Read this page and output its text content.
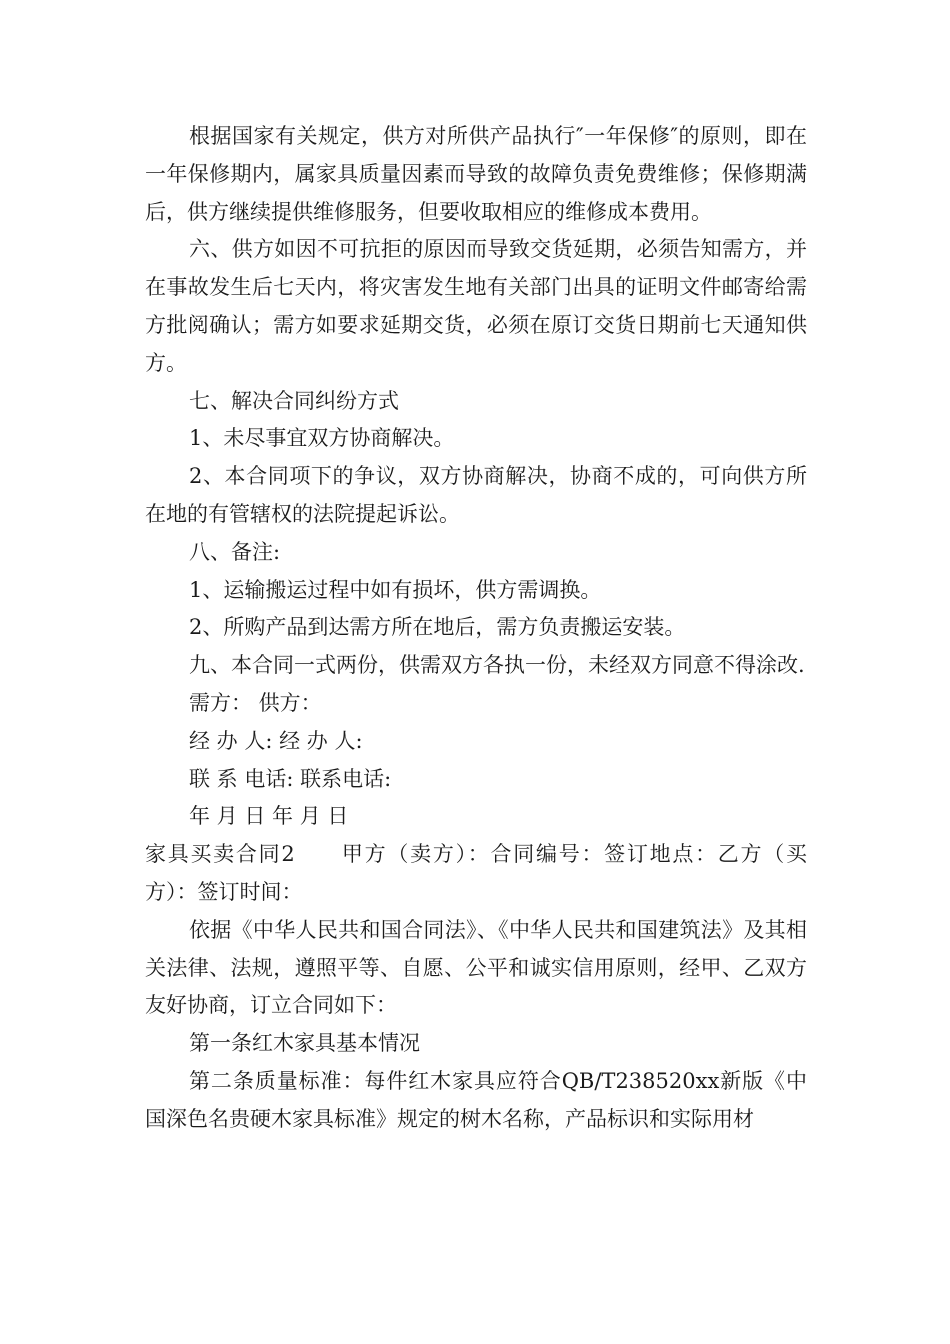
根据国家有关规定，供方对所供产品执行″一年保修″的原则，即在一年保修期内，属家具质量因素而导致的故障负责免费维修；保修期满后，供方继续提供维修服务，但要收取相应的维修成本费用。

六、供方如因不可抗拒的原因而导致交货延期，必须告知需方，并在事故发生后七天内，将灾害发生地有关部门出具的证明文件邮寄给需方批阅确认；需方如要求延期交货，必须在原订交货日期前七天通知供方。

七、解决合同纠纷方式

1、未尽事宜双方协商解决。

2、本合同项下的争议，双方协商解决，协商不成的，可向供方所在地的有管辖权的法院提起诉讼。

八、备注:

1、运输搬运过程中如有损坏，供方需调换。

2、所购产品到达需方所在地后，需方负责搬运安装。

九、本合同一式两份，供需双方各执一份，未经双方同意不得涂改.

需方： 供方：

经 办 人: 经 办 人:

联 系 电话: 联系电话:

年 月 日 年 月 日

家具买卖合同2　　甲方（卖方）：合同编号：签订地点：乙方（买方）：签订时间：

依据《中华人民共和国合同法》、《中华人民共和国建筑法》及其相关法律、法规，遵照平等、自愿、公平和诚实信用原则，经甲、乙双方友好协商，订立合同如下：

第一条红木家具基本情况

第二条质量标准：每件红木家具应符合QB/T238520xx新版《中国深色名贵硬木家具标准》规定的树木名称，产品标识和实际用材
